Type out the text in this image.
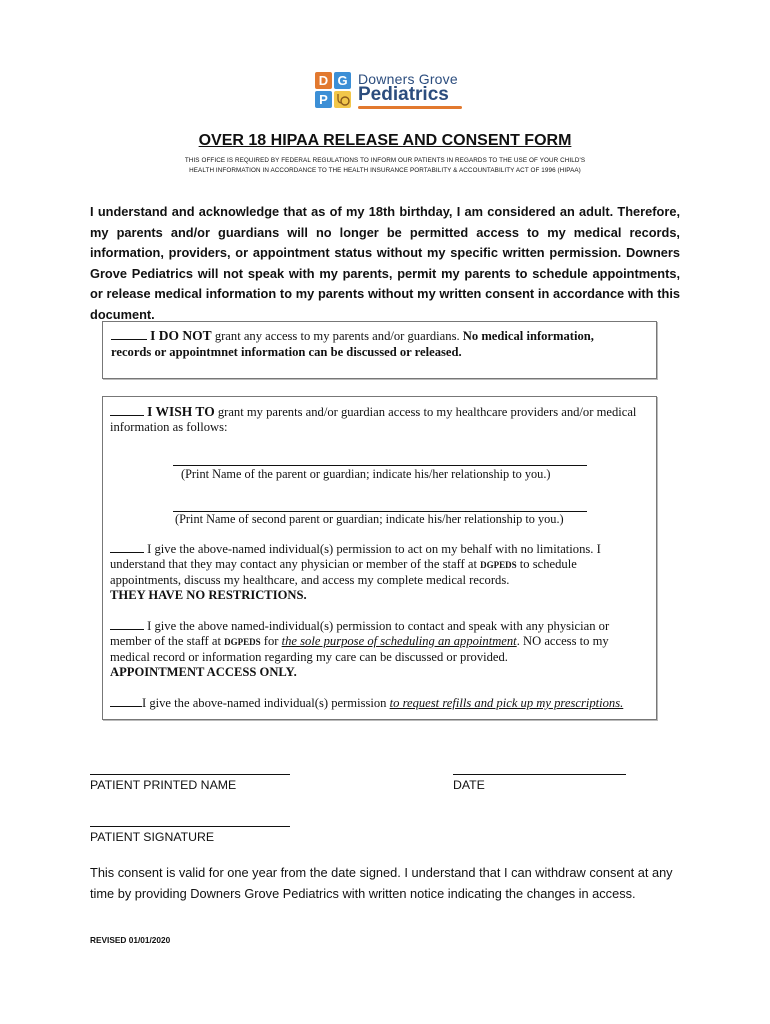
D G
P
Downers Grove
Pediatrics
OVER 18 HIPAA RELEASE AND CONSENT FORM
THIS OFFICE IS REQUIRED BY FEDERAL REGULATIONS TO INFORM OUR PATIENTS IN REGARDS TO THE USE OF YOUR CHILD'S
HEALTH INFORMATION IN ACCORDANCE TO THE HEALTH INSURANCE PORTABILITY & ACCOUNTABILITY ACT OF 1996 (HIPAA)
I understand and acknowledge that as of my 18th birthday, I am considered an adult. Therefore, my parents and/or guardians will no longer be permitted access to my medical records, information, providers, or appointment status without my specific written permission. Downers Grove Pediatrics will not speak with my parents, permit my parents to schedule appointments, or release medical information to my parents without my written consent in accordance with this document.
I DO NOT grant any access to my parents and/or guardians. No medical information,
records or appointmnet information can be discussed or released.
I WISH TO grant my parents and/or guardian access to my healthcare providers and/or medical
information as follows:
(Print Name of the parent or guardian; indicate his/her relationship to you.)
(Print Name of second parent or guardian; indicate his/her relationship to you.)
I give the above-named individual(s) permission to act on my behalf with no limitations. I
understand that they may contact any physician or member of the staff at DGPEDS to schedule
appointments, discuss my healthcare, and access my complete medical records.
THEY HAVE NO RESTRICTIONS.
I give the above named-individual(s) permission to contact and speak with any physician or
member of the staff at DGPEDS for the sole purpose of scheduling an appointment. NO access to my
medical record or information regarding my care can be discussed or provided.
APPOINTMENT ACCESS ONLY.
I give the above-named individual(s) permission to request refills and pick up my prescriptions.
PATIENT PRINTED NAME	DATE
PATIENT SIGNATURE
This consent is valid for one year from the date signed. I understand that I can withdraw consent at any time by providing Downers Grove Pediatrics with written notice indicating the changes in access.
REVISED 01/01/2020
